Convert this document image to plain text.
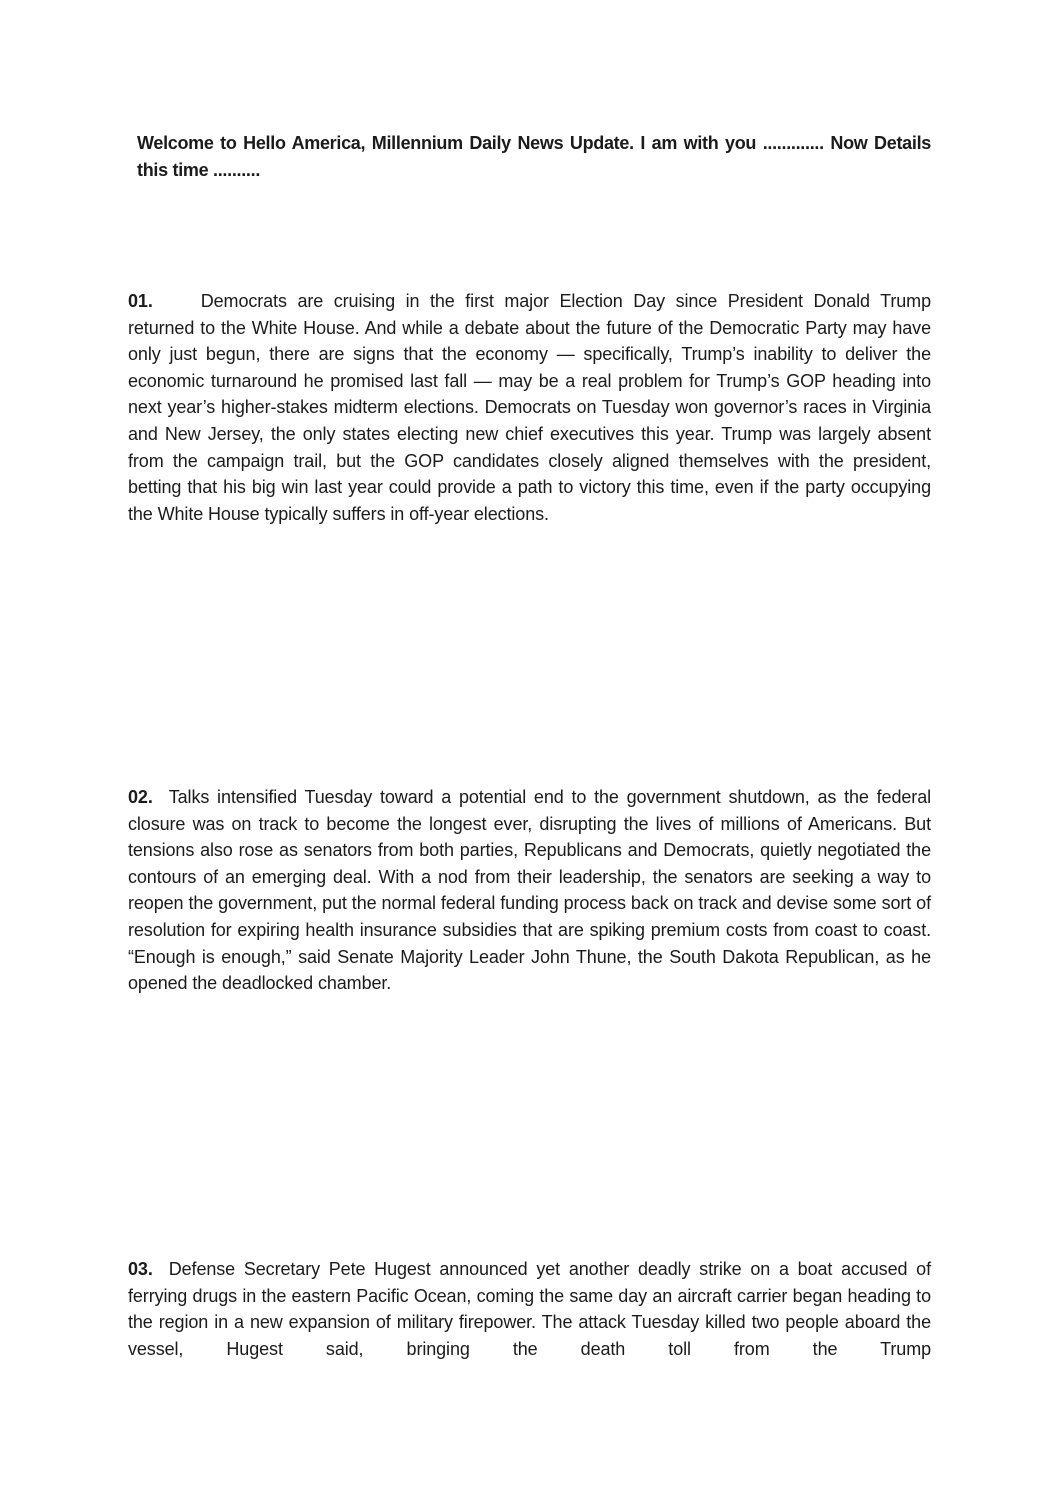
Welcome to Hello America, Millennium Daily News Update. I am with you ............. Now Details this time ..........

01.	Democrats are cruising in the first major Election Day since President Donald Trump returned to the White House. And while a debate about the future of the Democratic Party may have only just begun, there are signs that the economy — specifically, Trump’s inability to deliver the economic turnaround he promised last fall — may be a real problem for Trump’s GOP heading into next year’s higher-stakes midterm elections. Democrats on Tuesday won governor’s races in Virginia and New Jersey, the only states electing new chief executives this year. Trump was largely absent from the campaign trail, but the GOP candidates closely aligned themselves with the president, betting that his big win last year could provide a path to victory this time, even if the party occupying the White House typically suffers in off-year elections.

02. Talks intensified Tuesday toward a potential end to the government shutdown, as the federal closure was on track to become the longest ever, disrupting the lives of millions of Americans. But tensions also rose as senators from both parties, Republicans and Democrats, quietly negotiated the contours of an emerging deal. With a nod from their leadership, the senators are seeking a way to reopen the government, put the normal federal funding process back on track and devise some sort of resolution for expiring health insurance subsidies that are spiking premium costs from coast to coast. “Enough is enough,” said Senate Majority Leader John Thune, the South Dakota Republican, as he opened the deadlocked chamber.

03. Defense Secretary Pete Hugest announced yet another deadly strike on a boat accused of ferrying drugs in the eastern Pacific Ocean, coming the same day an aircraft carrier began heading to the region in a new expansion of military firepower. The attack Tuesday killed two people aboard the vessel, Hugest said, bringing the death toll from the Trump
